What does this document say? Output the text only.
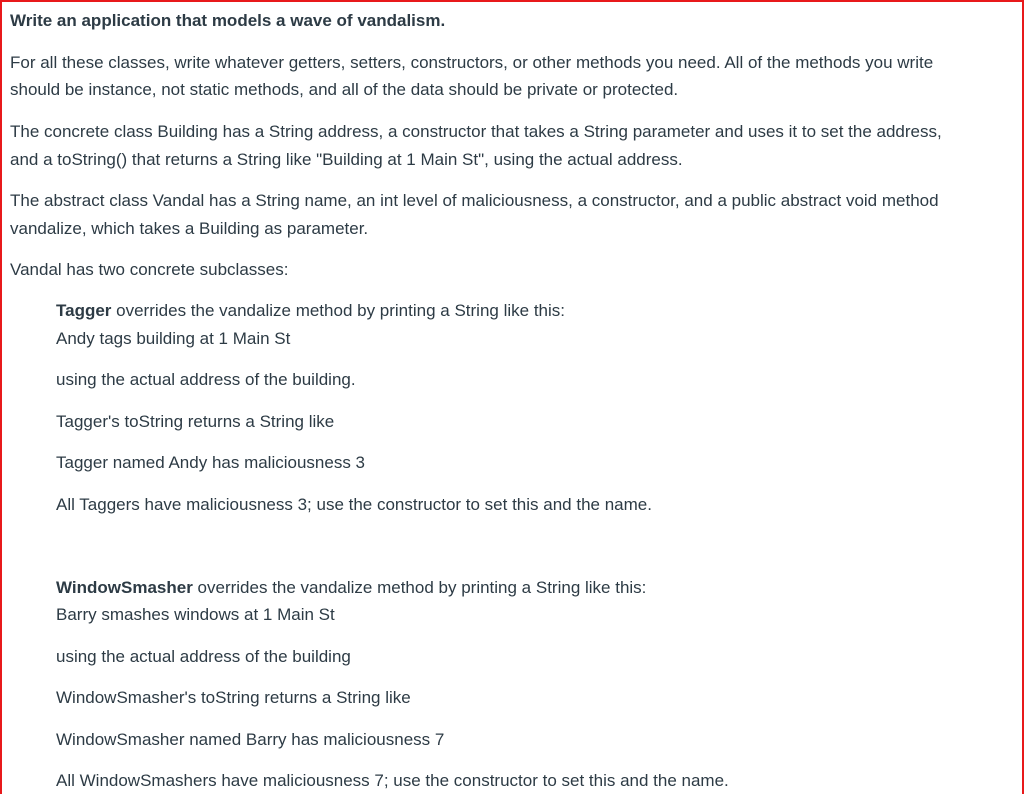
Write an application that models a wave of vandalism.
For all these classes, write whatever getters, setters, constructors, or other methods you need. All of the methods you write
should be instance, not static methods, and all of the data should be private or protected.
The concrete class Building has a String address, a constructor that takes a String parameter and uses it to set the address,
and a toString() that returns a String like "Building at 1 Main St", using the actual address.
The abstract class Vandal has a String name, an int level of maliciousness, a constructor, and a public abstract void method
vandalize, which takes a Building as parameter.
Vandal has two concrete subclasses:
Tagger overrides the vandalize method by printing a String like this:
Andy tags building at 1 Main St
using the actual address of the building.
Tagger's toString returns a String like
Tagger named Andy has maliciousness 3
All Taggers have maliciousness 3; use the constructor to set this and the name.
WindowSmasher overrides the vandalize method by printing a String like this:
Barry smashes windows at 1 Main St
using the actual address of the building
WindowSmasher's toString returns a String like
WindowSmasher named Barry has maliciousness 7
All WindowSmashers have maliciousness 7; use the constructor to set this and the name.
